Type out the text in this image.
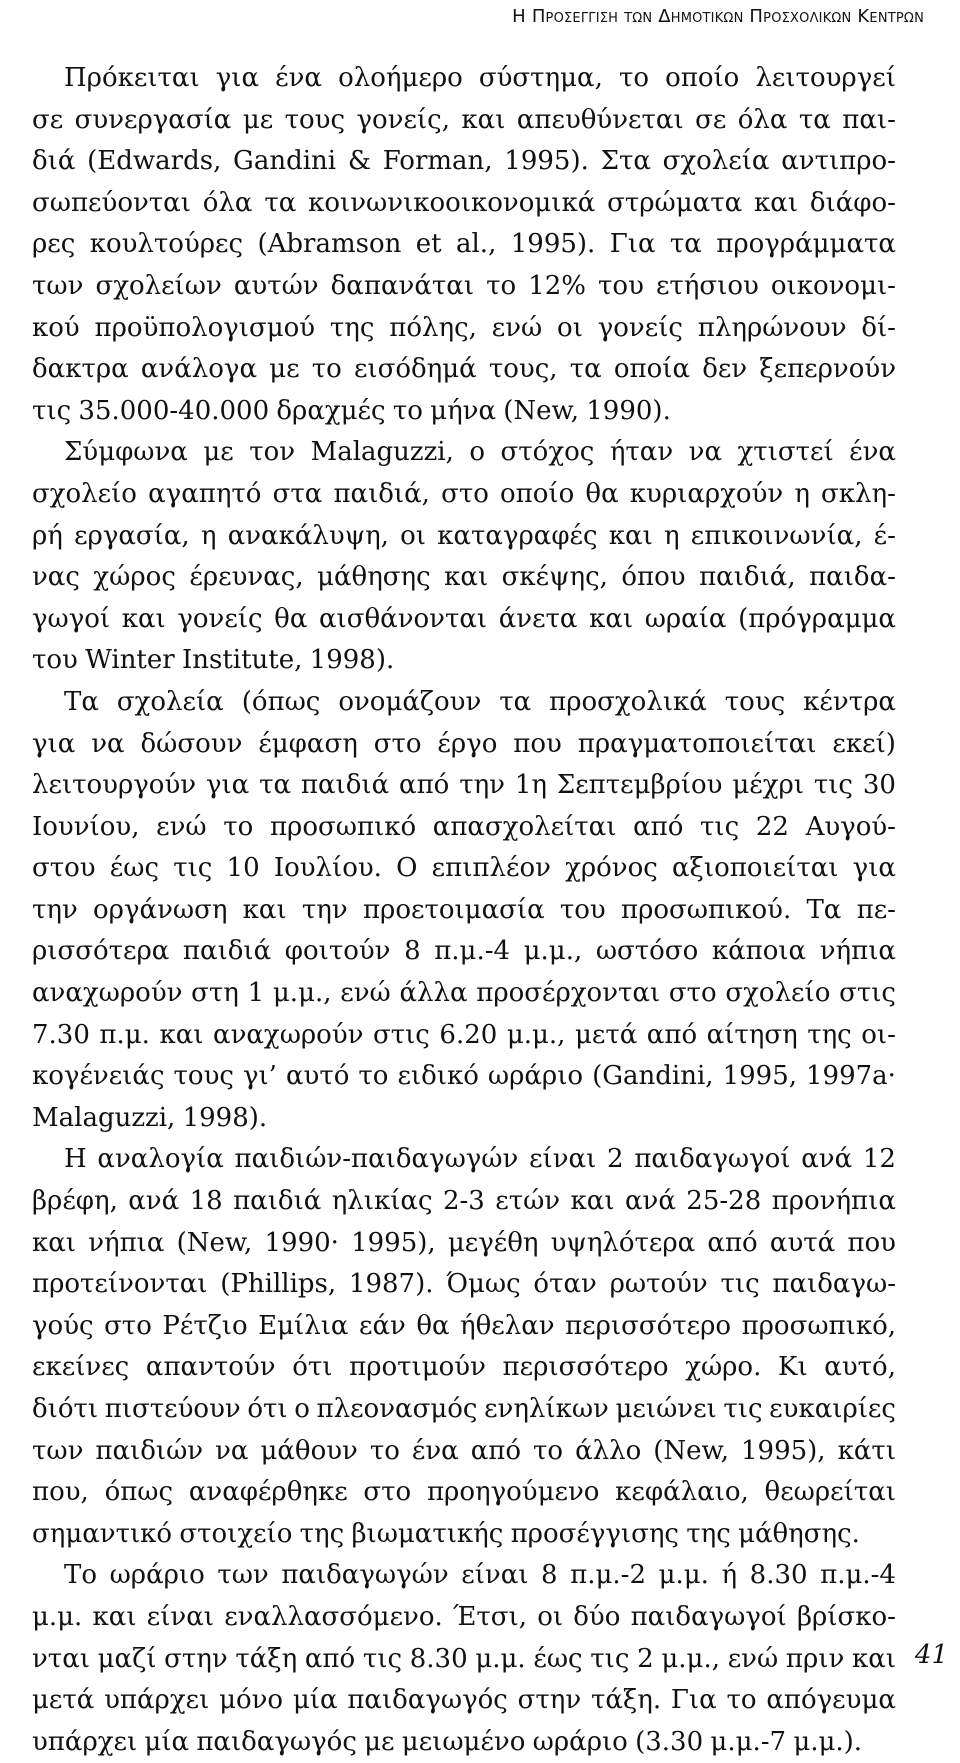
Η Προσεγγιση των Δημοτικων Προσχολικων Κεντρων
Πρόκειται για ένα ολοήμερο σύστημα, το οποίο λειτουργεί
σε συνεργασία με τους γονείς, και απευθύνεται σε όλα τα παι-
διά (Edwards, Gandini & Forman, 1995). Στα σχολεία αντιπρο-
σωπεύονται όλα τα κοινωνικοοικονομικά στρώματα και διάφο-
ρες κουλτούρες (Abramson et al., 1995). Για τα προγράμματα
των σχολείων αυτών δαπανάται το 12% του ετήσιου οικονομι-
κού προϋπολογισμού της πόλης, ενώ οι γονείς πληρώνουν δί-
δακτρα ανάλογα με το εισόδημά τους, τα οποία δεν ξεπερνούν
τις 35.000-40.000 δραχμές το μήνα (New, 1990).
Σύμφωνα με τον Malaguzzi, ο στόχος ήταν να χτιστεί ένα
σχολείο αγαπητό στα παιδιά, στο οποίο θα κυριαρχούν η σκλη-
ρή εργασία, η ανακάλυψη, οι καταγραφές και η επικοινωνία, έ-
νας χώρος έρευνας, μάθησης και σκέψης, όπου παιδιά, παιδα-
γωγοί και γονείς θα αισθάνονται άνετα και ωραία (πρόγραμμα
του Winter Institute, 1998).
Τα σχολεία (όπως ονομάζουν τα προσχολικά τους κέντρα
για να δώσουν έμφαση στο έργο που πραγματοποιείται εκεί)
λειτουργούν για τα παιδιά από την 1η Σεπτεμβρίου μέχρι τις 30
Ιουνίου, ενώ το προσωπικό απασχολείται από τις 22 Αυγού-
στου έως τις 10 Ιουλίου. Ο επιπλέον χρόνος αξιοποιείται για
την οργάνωση και την προετοιμασία του προσωπικού. Τα πε-
ρισσότερα παιδιά φοιτούν 8 π.μ.-4 μ.μ., ωστόσο κάποια νήπια
αναχωρούν στη 1 μ.μ., ενώ άλλα προσέρχονται στο σχολείο στις
7.30 π.μ. και αναχωρούν στις 6.20 μ.μ., μετά από αίτηση της οι-
κογένειάς τους γι’ αυτό το ειδικό ωράριο (Gandini, 1995, 1997a·
Malaguzzi, 1998).
Η αναλογία παιδιών-παιδαγωγών είναι 2 παιδαγωγοί ανά 12
βρέφη, ανά 18 παιδιά ηλικίας 2-3 ετών και ανά 25-28 προνήπια
και νήπια (New, 1990· 1995), μεγέθη υψηλότερα από αυτά που
προτείνονται (Phillips, 1987). Όμως όταν ρωτούν τις παιδαγω-
γούς στο Ρέτζιο Εμίλια εάν θα ήθελαν περισσότερο προσωπικό,
εκείνες απαντούν ότι προτιμούν περισσότερο χώρο. Κι αυτό,
διότι πιστεύουν ότι ο πλεονασμός ενηλίκων μειώνει τις ευκαιρίες
των παιδιών να μάθουν το ένα από το άλλο (New, 1995), κάτι
που, όπως αναφέρθηκε στο προηγούμενο κεφάλαιο, θεωρείται
σημαντικό στοιχείο της βιωματικής προσέγγισης της μάθησης.
Το ωράριο των παιδαγωγών είναι 8 π.μ.-2 μ.μ. ή 8.30 π.μ.-4
μ.μ. και είναι εναλλασσόμενο. Έτσι, οι δύο παιδαγωγοί βρίσκο-
νται μαζί στην τάξη από τις 8.30 μ.μ. έως τις 2 μ.μ., ενώ πριν και
μετά υπάρχει μόνο μία παιδαγωγός στην τάξη. Για το απόγευμα
υπάρχει μία παιδαγωγός με μειωμένο ωράριο (3.30 μ.μ.-7 μ.μ.).
41
